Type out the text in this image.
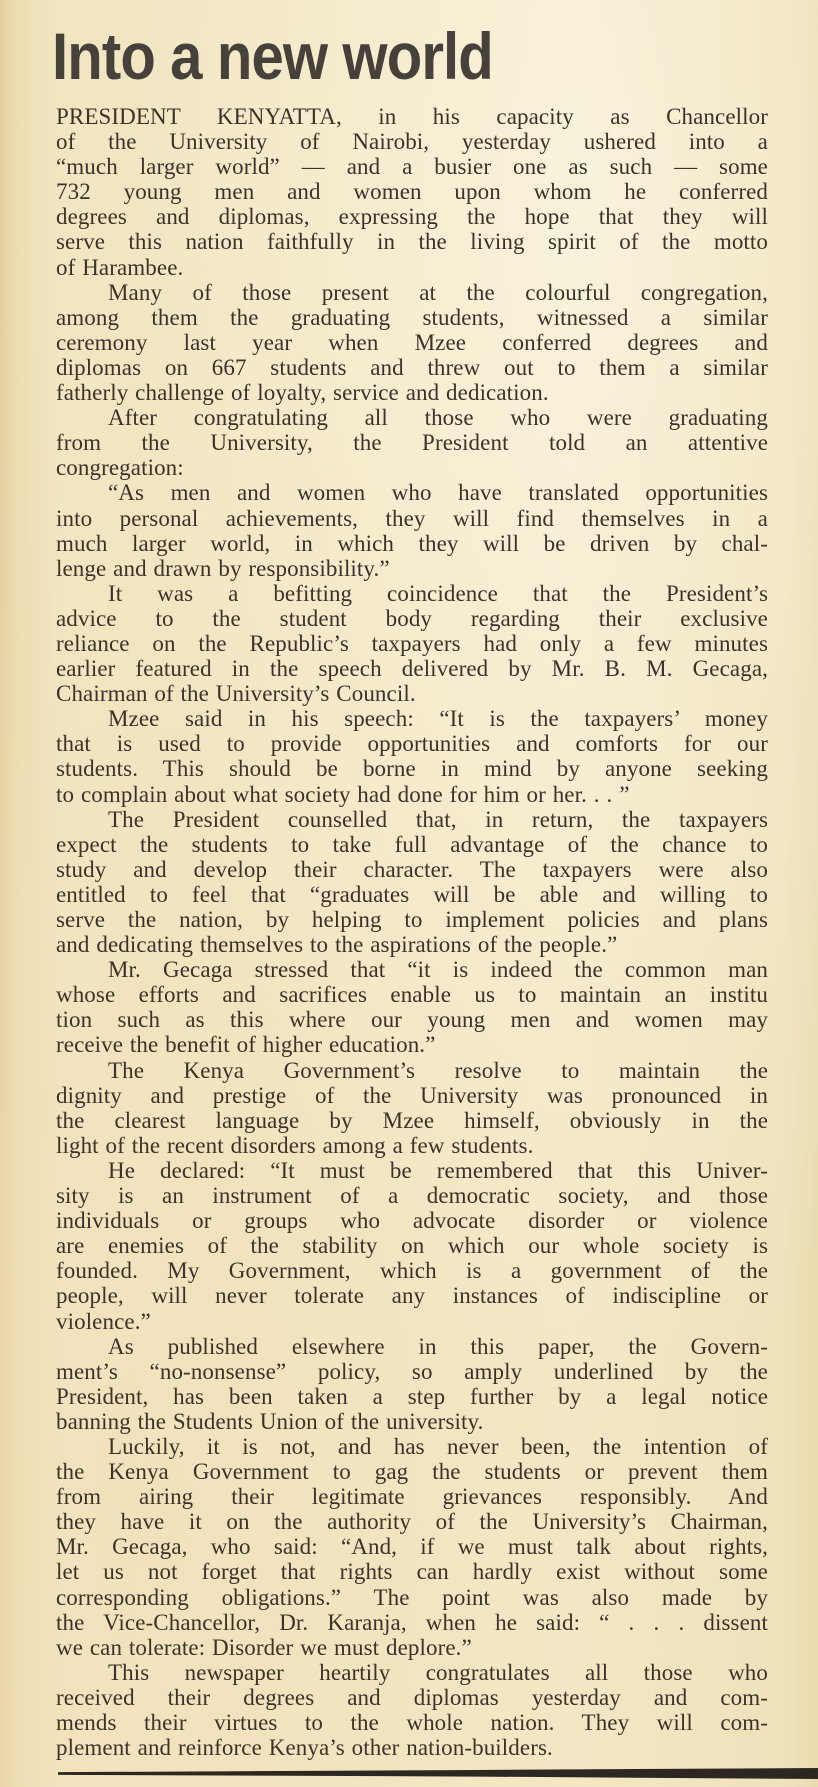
Into a new world

PRESIDENT KENYATTA, in his capacity as Chancellor
of the University of Nairobi, yesterday ushered into a
“much larger world” — and a busier one as such — some
732 young men and women upon whom he conferred
degrees and diplomas, expressing the hope that they will
serve this nation faithfully in the living spirit of the motto
of Harambee.

Many of those present at the colourful congregation,
among them the graduating students, witnessed a similar
ceremony last year when Mzee conferred degrees and
diplomas on 667 students and threw out to them a similar
fatherly challenge of loyalty, service and dedication.

After congratulating all those who were graduating
from the University, the President told an attentive
congregation:

“As men and women who have translated opportunities
into personal achievements, they will find themselves in a
much larger world, in which they will be driven by chal-
lenge and drawn by responsibility.”

It was a befitting coincidence that the President’s
advice to the student body regarding their exclusive
reliance on the Republic’s taxpayers had only a few minutes
earlier featured in the speech delivered by Mr. B. M. Gecaga,
Chairman of the University’s Council.

Mzee said in his speech: “It is the taxpayers’ money
that is used to provide opportunities and comforts for our
students. This should be borne in mind by anyone seeking
to complain about what society had done for him or her. . . ”

The President counselled that, in return, the taxpayers
expect the students to take full advantage of the chance to
study and develop their character. The taxpayers were also
entitled to feel that “graduates will be able and willing to
serve the nation, by helping to implement policies and plans
and dedicating themselves to the aspirations of the people.”

Mr. Gecaga stressed that “it is indeed the common man
whose efforts and sacrifices enable us to maintain an institu
tion such as this where our young men and women may
receive the benefit of higher education.”

The Kenya Government’s resolve to maintain the
dignity and prestige of the University was pronounced in
the clearest language by Mzee himself, obviously in the
light of the recent disorders among a few students.

He declared: “It must be remembered that this Univer-
sity is an instrument of a democratic society, and those
individuals or groups who advocate disorder or violence
are enemies of the stability on which our whole society is
founded. My Government, which is a government of the
people, will never tolerate any instances of indiscipline or
violence.”

As published elsewhere in this paper, the Govern-
ment’s “no-nonsense” policy, so amply underlined by the
President, has been taken a step further by a legal notice
banning the Students Union of the university.

Luckily, it is not, and has never been, the intention of
the Kenya Government to gag the students or prevent them
from airing their legitimate grievances responsibly. And
they have it on the authority of the University’s Chairman,
Mr. Gecaga, who said: “And, if we must talk about rights,
let us not forget that rights can hardly exist without some
corresponding obligations.” The point was also made by
the Vice-Chancellor, Dr. Karanja, when he said: “ . . . dissent
we can tolerate: Disorder we must deplore.”

This newspaper heartily congratulates all those who
received their degrees and diplomas yesterday and com-
mends their virtues to the whole nation. They will com-
plement and reinforce Kenya’s other nation-builders.
